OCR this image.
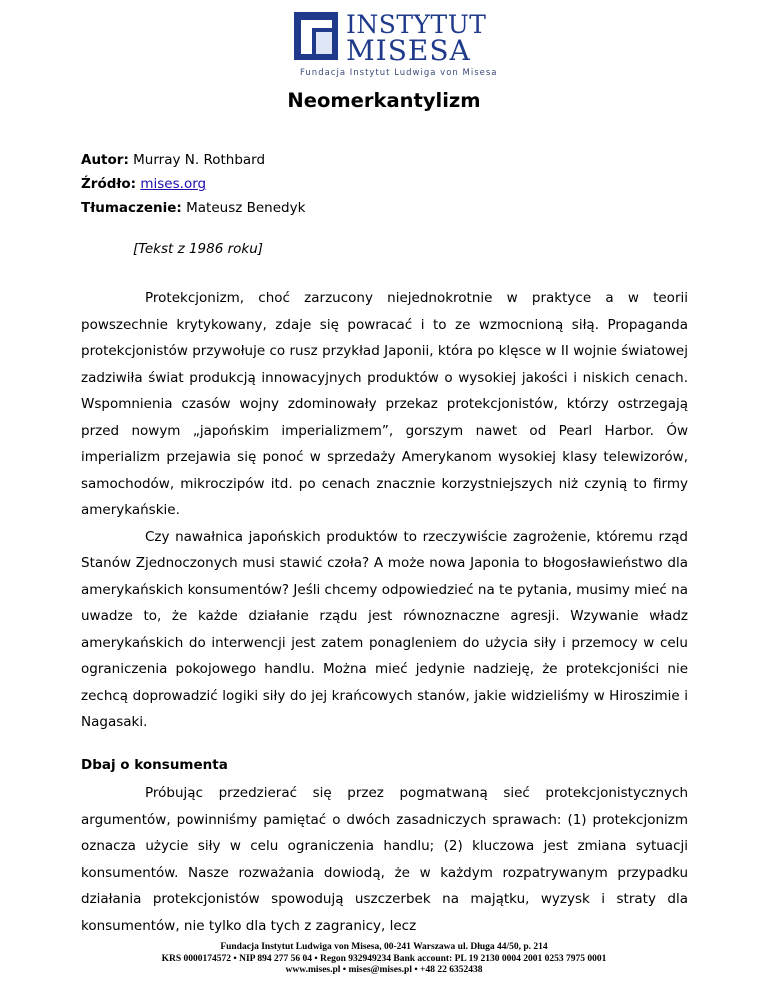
INSTYTUT
MISESA
Fundacja Instytut Ludwiga von Misesa
Neomerkantylizm
Autor: Murray N. Rothbard
Źródło: mises.org
Tłumaczenie: Mateusz Benedyk
[Tekst z 1986 roku]

Protekcjonizm, choć zarzucony niejednokrotnie w praktyce a w teorii powszechnie krytykowany, zdaje się powracać i to ze wzmocnioną siłą. Propaganda protekcjonistów przywołuje co rusz przykład Japonii, która po klęsce w II wojnie światowej zadziwiła świat produkcją innowacyjnych produktów o wysokiej jakości i niskich cenach. Wspomnienia czasów wojny zdominowały przekaz protekcjonistów, którzy ostrzegają przed nowym „japońskim imperializmem”, gorszym nawet od Pearl Harbor. Ów imperializm przejawia się ponoć w sprzedaży Amerykanom wysokiej klasy telewizorów, samochodów, mikroczipów itd. po cenach znacznie korzystniejszych niż czynią to firmy amerykańskie.

Czy nawałnica japońskich produktów to rzeczywiście zagrożenie, któremu rząd Stanów Zjednoczonych musi stawić czoła? A może nowa Japonia to błogosławieństwo dla amerykańskich konsumentów? Jeśli chcemy odpowiedzieć na te pytania, musimy mieć na uwadze to, że każde działanie rządu jest równoznaczne agresji. Wzywanie władz amerykańskich do interwencji jest zatem ponagleniem do użycia siły i przemocy w celu ograniczenia pokojowego handlu. Można mieć jedynie nadzieję, że protekcjoniści nie zechcą doprowadzić logiki siły do jej krańcowych stanów, jakie widzieliśmy w Hiroszimie i Nagasaki.

Dbaj o konsumenta

Próbując przedzierać się przez pogmatwaną sieć protekcjonistycznych argumentów, powinniśmy pamiętać o dwóch zasadniczych sprawach: (1) protekcjonizm oznacza użycie siły w celu ograniczenia handlu; (2) kluczowa jest zmiana sytuacji konsumentów. Nasze rozważania dowiodą, że w każdym rozpatrywanym przypadku działania protekcjonistów spowodują uszczerbek na majątku, wyzysk i straty dla konsumentów, nie tylko dla tych z zagranicy, lecz

Fundacja Instytut Ludwiga von Misesa, 00-241 Warszawa ul. Długa 44/50, p. 214
KRS 0000174572 • NIP 894 277 56 04 • Regon 932949234 Bank account: PL 19 2130 0004 2001 0253 7975 0001
www.mises.pl • mises@mises.pl • +48 22 6352438
